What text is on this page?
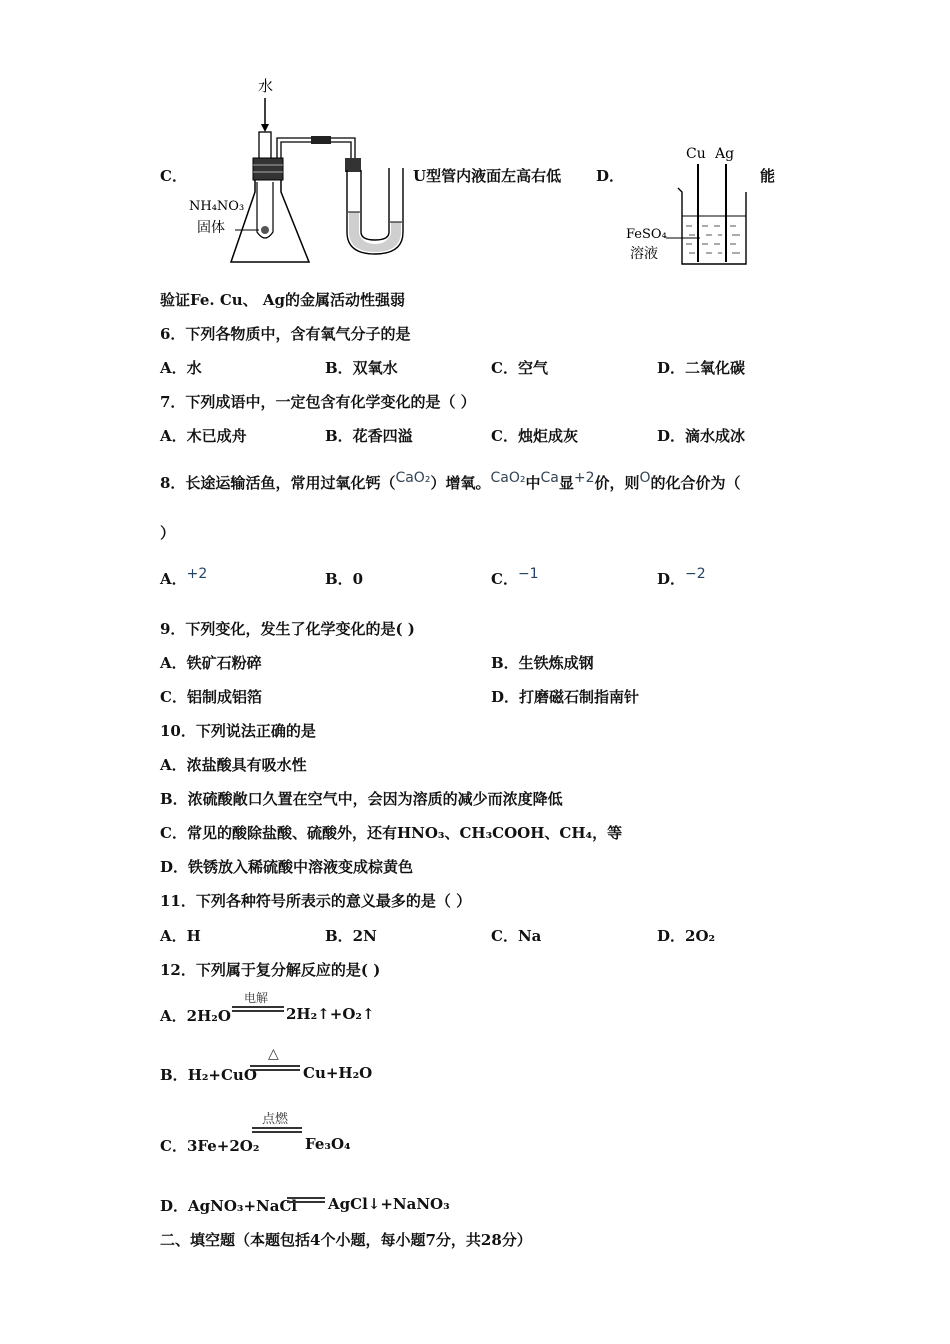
C．
水
NH₄NO₃
固体
U型管内液面左高右低 D．
Cu Ag
FeSO₄
溶液
能
验证Fe. Cu、 Ag的金属活动性强弱
6．下列各物质中，含有氧气分子的是
A．水	B．双氧水	C．空气	D．二氧化碳
7．下列成语中，一定包含有化学变化的是（ ）
A．木已成舟	B．花香四溢	C．烛炬成灰	D．滴水成冰
8．长途运输活鱼，常用过氧化钙（CaO₂）增氧。CaO₂中Ca显+2价，则O的化合价为（
）
A．+2	B．0	C．−1	D．−2
9．下列变化，发生了化学变化的是( )
A．铁矿石粉碎	B．生铁炼成钢
C．铝制成铝箔	D．打磨磁石制指南针
10．下列说法正确的是
A．浓盐酸具有吸水性
B．浓硫酸敞口久置在空气中，会因为溶质的减少而浓度降低
C．常见的酸除盐酸、硫酸外，还有HNO₃、CH₃COOH、CH₄，等
D．铁锈放入稀硫酸中溶液变成棕黄色
11．下列各种符号所表示的意义最多的是（ ）
A．H	B．2N	C．Na	D．2O₂
12．下列属于复分解反应的是( )
A．2H₂O
电解
2H₂↑+O₂↑
B．H₂+CuO
△
Cu+H₂O
C．3Fe+2O₂
点燃
Fe₃O₄
D．AgNO₃+NaCl AgCl↓+NaNO₃
二、填空题（本题包括4个小题，每小题7分，共28分）
